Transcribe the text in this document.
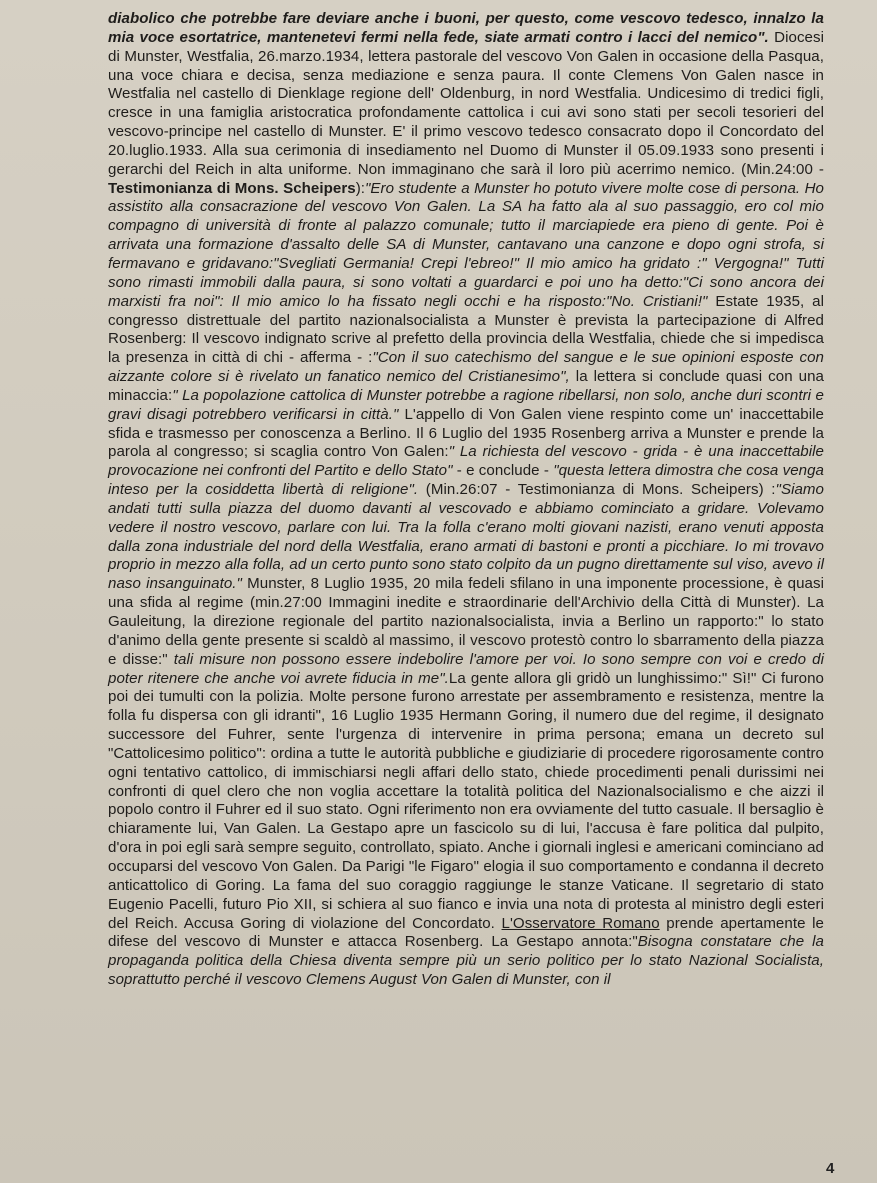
diabolico che potrebbe fare deviare anche i buoni, per questo, come vescovo tedesco, innalzo la mia voce esortatrice, mantenetevi fermi nella fede, siate armati contro i lacci del nemico". Diocesi di Munster, Westfalia, 26.marzo.1934, lettera pastorale del vescovo Von Galen in occasione della Pasqua, una voce chiara e decisa, senza mediazione e senza paura. Il conte Clemens Von Galen nasce in Westfalia nel castello di Dienklage regione dell' Oldenburg, in nord Westfalia. Undicesimo di tredici figli, cresce in una famiglia aristocratica profondamente cattolica i cui avi sono stati per secoli tesorieri del vescovo-principe nel castello di Munster. E' il primo vescovo tedesco consacrato dopo il Concordato del 20.luglio.1933. Alla sua cerimonia di insediamento nel Duomo di Munster il 05.09.1933 sono presenti i gerarchi del Reich in alta uniforme. Non immaginano che sarà il loro più acerrimo nemico. (Min.24:00 - Testimonianza di Mons. Scheipers):"Ero studente a Munster ho potuto vivere molte cose di persona. Ho assistito alla consacrazione del vescovo Von Galen. La SA ha fatto ala al suo passaggio, ero col mio compagno di università di fronte al palazzo comunale; tutto il marciapiede era pieno di gente. Poi è arrivata una formazione d'assalto delle SA di Munster, cantavano una canzone e dopo ogni strofa, si fermavano e gridavano:"Svegliati Germania! Crepi l'ebreo!" Il mio amico ha gridato :" Vergogna!" Tutti sono rimasti immobili dalla paura, si sono voltati a guardarci e poi uno ha detto:"Ci sono ancora dei marxisti fra noi": Il mio amico lo ha fissato negli occhi e ha risposto:"No. Cristiani!" Estate 1935, al congresso distrettuale del partito nazionalsocialista a Munster è prevista la partecipazione di Alfred Rosenberg: Il vescovo indignato scrive al prefetto della provincia della Westfalia, chiede che si impedisca la presenza in città di chi - afferma - :"Con il suo catechismo del sangue e le sue opinioni esposte con aizzante colore si è rivelato un fanatico nemico del Cristianesimo", la lettera si conclude quasi con una minaccia:" La popolazione cattolica di Munster potrebbe a ragione ribellarsi, non solo, anche duri scontri e gravi disagi potrebbero verificarsi in città." L'appello di Von Galen viene respinto come un' inaccettabile sfida e trasmesso per conoscenza a Berlino. Il 6 Luglio del 1935 Rosenberg arriva a Munster e prende la parola al congresso; si scaglia contro Von Galen:" La richiesta del vescovo - grida - è una inaccettabile provocazione nei confronti del Partito e dello Stato" - e conclude - "questa lettera dimostra che cosa venga inteso per la cosiddetta libertà di religione". (Min.26:07 - Testimonianza di Mons. Scheipers) :"Siamo andati tutti sulla piazza del duomo davanti al vescovado e abbiamo cominciato a gridare. Volevamo vedere il nostro vescovo, parlare con lui. Tra la folla c'erano molti giovani nazisti, erano venuti apposta dalla zona industriale del nord della Westfalia, erano armati di bastoni e pronti a picchiare. Io mi trovavo proprio in mezzo alla folla, ad un certo punto sono stato colpito da un pugno direttamente sul viso, avevo il naso insanguinato." Munster, 8 Luglio 1935, 20 mila fedeli sfilano in una imponente processione, è quasi una sfida al regime (min.27:00 Immagini inedite e straordinarie dell'Archivio della Città di Munster). La Gauleitung, la direzione regionale del partito nazionalsocialista, invia a Berlino un rapporto:" lo stato d'animo della gente presente si scaldò al massimo, il vescovo protestò contro lo sbarramento della piazza e disse:" tali misure non possono essere indebolire l'amore per voi. Io sono sempre con voi e credo di poter ritenere che anche voi avrete fiducia in me".La gente allora gli gridò un lunghissimo:" Sì!" Ci furono poi dei tumulti con la polizia. Molte persone furono arrestate per assembramento e resistenza, mentre la folla fu dispersa con gli idranti", 16 Luglio 1935 Hermann Goring, il numero due del regime, il designato successore del Fuhrer, sente l'urgenza di intervenire in prima persona; emana un decreto sul "Cattolicesimo politico": ordina a tutte le autorità pubbliche e giudiziarie di procedere rigorosamente contro ogni tentativo cattolico, di immischiarsi negli affari dello stato, chiede procedimenti penali durissimi nei confronti di quel clero che non voglia accettare la totalità politica del Nazionalsocialismo e che aizzi il popolo contro il Fuhrer ed il suo stato. Ogni riferimento non era ovviamente del tutto casuale. Il bersaglio è chiaramente lui, Van Galen. La Gestapo apre un fascicolo su di lui, l'accusa è fare politica dal pulpito, d'ora in poi egli sarà sempre seguito, controllato, spiato. Anche i giornali inglesi e americani cominciano ad occuparsi del vescovo Von Galen. Da Parigi "le Figaro" elogia il suo comportamento e condanna il decreto anticattolico di Goring. La fama del suo coraggio raggiunge le stanze Vaticane. Il segretario di stato Eugenio Pacelli, futuro Pio XII, si schiera al suo fianco e invia una nota di protesta al ministro degli esteri del Reich. Accusa Goring di violazione del Concordato. L'Osservatore Romano prende apertamente le difese del vescovo di Munster e attacca Rosenberg. La Gestapo annota:"Bisogna constatare che la propaganda politica della Chiesa diventa sempre più un serio politico per lo stato Nazional Socialista, soprattutto perché il vescovo Clemens August Von Galen di Munster, con il

4
